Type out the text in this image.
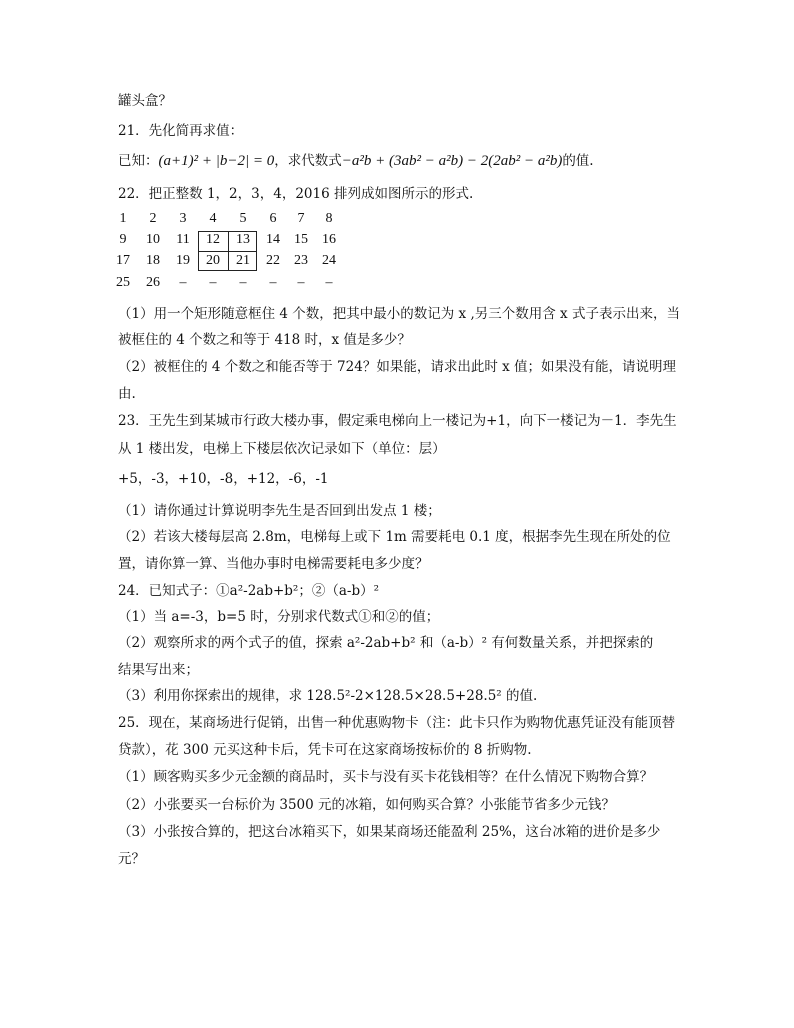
罐头盒？
21．先化简再求值：
已知：(a+1)² + |b−2| = 0，求代数式−a²b + (3ab² − a²b) − 2(2ab² − a²b)的值.
22．把正整数 1，2，3，4，2016 排列成如图所示的形式.
1	2	3	4	5	6	7	8
9	10	11	12	13	14	15	16
17	18	19	20	21	22	23	24
25	26	–	–	–	–	–	–
（1）用一个矩形随意框住 4 个数，把其中最小的数记为 x ,另三个数用含 x 式子表示出来，当
被框住的 4 个数之和等于 418 时，x 值是多少？
（2）被框住的 4 个数之和能否等于 724？如果能，请求出此时 x 值；如果没有能，请说明理
由.
23．王先生到某城市行政大楼办事，假定乘电梯向上一楼记为+1，向下一楼记为－1．李先生
从 1 楼出发，电梯上下楼层依次记录如下（单位：层）
+5，-3，+10，-8，+12，-6，-1
（1）请你通过计算说明李先生是否回到出发点 1 楼；
（2）若该大楼每层高 2.8m，电梯每上或下 1m 需要耗电 0.1 度，根据李先生现在所处的位
置，请你算一算、当他办事时电梯需要耗电多少度？
24．已知式子：①a²-2ab+b²；②（a-b）²
（1）当 a=-3，b=5 时，分别求代数式①和②的值；
（2）观察所求的两个式子的值，探索 a²-2ab+b² 和（a-b）² 有何数量关系，并把探索的
结果写出来；
（3）利用你探索出的规律，求 128.5²-2×128.5×28.5+28.5² 的值.
25．现在，某商场进行促销，出售一种优惠购物卡（注：此卡只作为购物优惠凭证没有能顶替
贷款），花 300 元买这种卡后，凭卡可在这家商场按标价的 8 折购物.
（1）顾客购买多少元金额的商品时，买卡与没有买卡花钱相等？在什么情况下购物合算？
（2）小张要买一台标价为 3500 元的冰箱，如何购买合算？小张能节省多少元钱？
（3）小张按合算的，把这台冰箱买下，如果某商场还能盈利 25%，这台冰箱的进价是多少
元？
